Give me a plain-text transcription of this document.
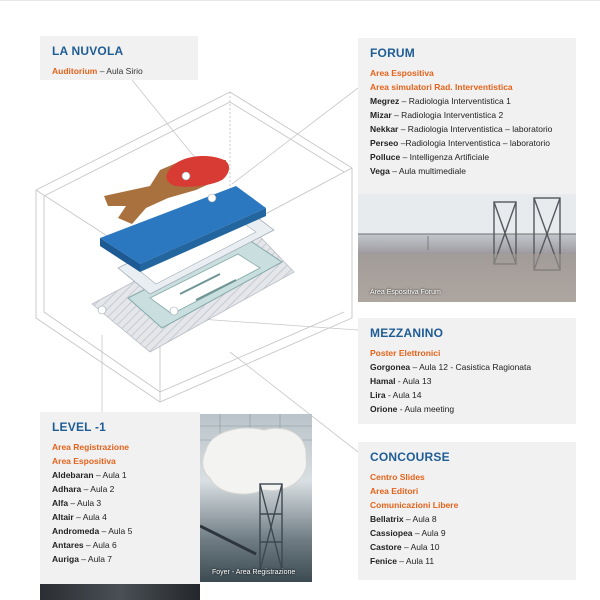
LA NUVOLA
Auditorium – Aula Sirio
FORUM
Area Espositiva
Area simulatori Rad. Interventistica
Megrez – Radiologia Interventistica 1
Mizar – Radiologia Interventistica 2
Nekkar – Radiologia Interventistica – laboratorio
Perseo –Radiologia Interventistica – laboratorio
Polluce – Intelligenza Artificiale
Vega – Aula multimediale
Area Espositiva Forum
MEZZANINO
Poster Elettronici
Gorgonea – Aula 12 - Casistica Ragionata
Hamal - Aula 13
Lira - Aula 14
Orione - Aula meeting
CONCOURSE
Centro Slides
Area Editori
Comunicazioni Libere
Bellatrix – Aula 8
Cassiopea – Aula 9
Castore – Aula 10
Fenice – Aula 11
LEVEL -1
Area Registrazione
Area Espositiva
Aldebaran – Aula 1
Adhara – Aula 2
Alfa – Aula 3
Altair – Aula 4
Andromeda – Aula 5
Antares – Aula 6
Auriga – Aula 7
Foyer - Area Registrazione
